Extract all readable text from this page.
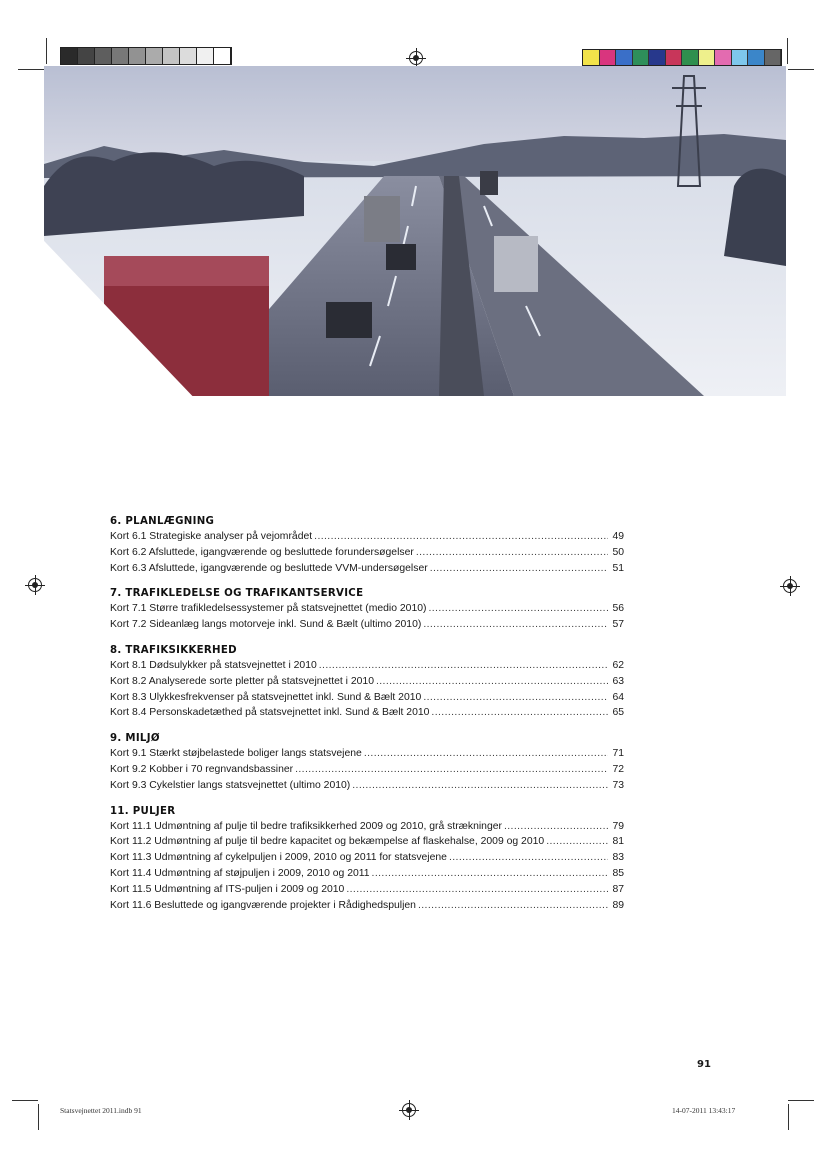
6. PLANLÆGNING
Kort 6.1 Strategiske analyser på vejområdet .....	49
Kort 6.2 Afsluttede, igangværende og besluttede forundersøgelser .....	50
Kort 6.3 Afsluttede, igangværende og besluttede VVM-undersøgelser .....	51
7. TRAFIKLEDELSE OG TRAFIKANTSERVICE
Kort 7.1 Større trafikledelsessystemer på statsvejnettet (medio 2010) .....	56
Kort 7.2 Sideanlæg langs motorveje inkl. Sund & Bælt (ultimo 2010) .....	57
8. TRAFIKSIKKERHED
Kort 8.1 Dødsulykker på statsvejnettet i 2010 .....	62
Kort 8.2 Analyserede sorte pletter på statsvejnettet i 2010 .....	63
Kort 8.3 Ulykkesfrekvenser på statsvejnettet inkl. Sund & Bælt 2010 .....	64
Kort 8.4 Personskadetæthed på statsvejnettet inkl. Sund & Bælt 2010 .....	65
9. MILJØ
Kort 9.1 Stærkt støjbelastede boliger langs statsvejene .....	71
Kort 9.2 Kobber i 70 regnvandsbassiner .....	72
Kort 9.3 Cykelstier langs statsvejnettet (ultimo 2010) .....	73
11. PULJER
Kort 11.1 Udmøntning af pulje til bedre trafiksikkerhed 2009 og 2010, grå strækninger .....	79
Kort 11.2 Udmøntning af pulje til bedre kapacitet og bekæmpelse af flaskehalse, 2009 og 2010 .....	81
Kort 11.3 Udmøntning af cykelpuljen i 2009, 2010 og 2011 for statsvejene .....	83
Kort 11.4 Udmøntning af støjpuljen i 2009, 2010 og 2011 .....	85
Kort 11.5 Udmøntning af ITS-puljen i 2009 og 2010 .....	87
Kort 11.6 Besluttede og igangværende projekter i Rådighedspuljen .....	89
91
Statsvejnettet 2011.indb 91	14-07-2011 13:43:17
